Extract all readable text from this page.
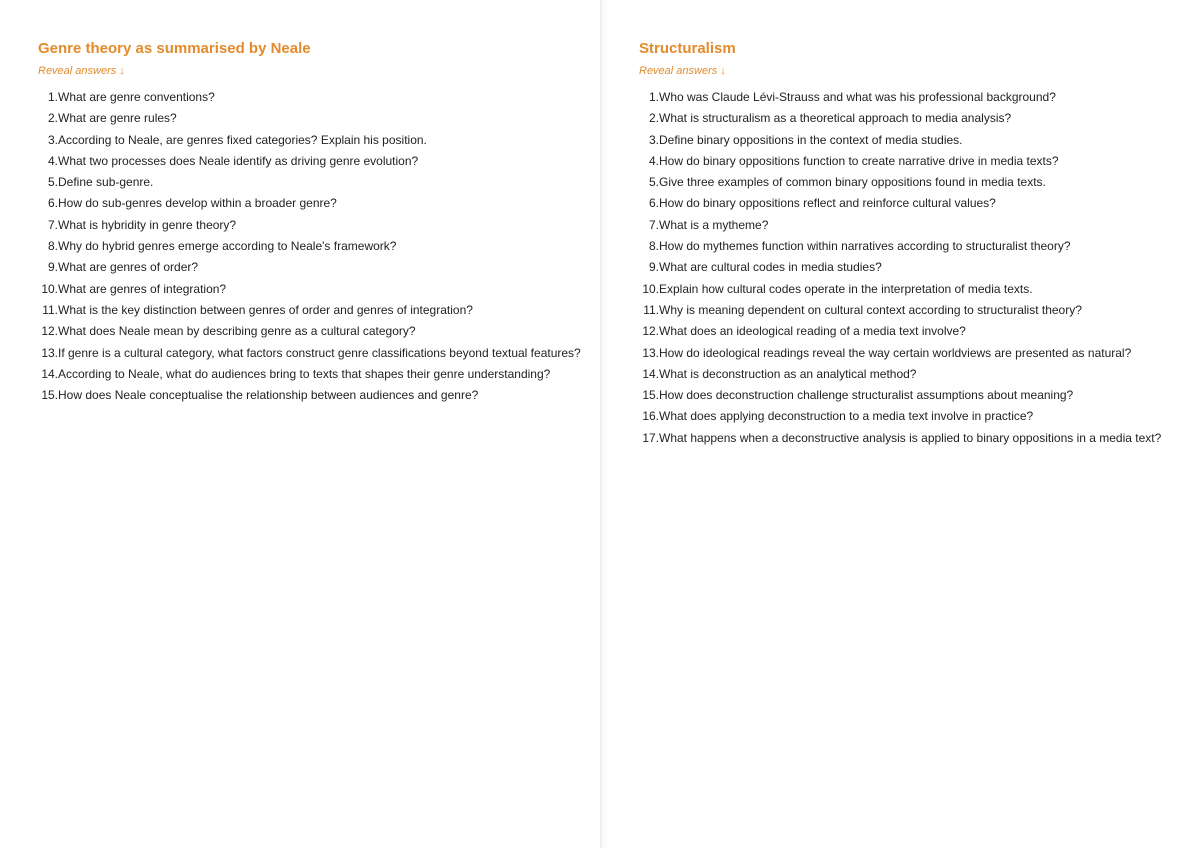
Genre theory as summarised by Neale
Reveal answers ↓
1. What are genre conventions?
2. What are genre rules?
3. According to Neale, are genres fixed categories? Explain his position.
4. What two processes does Neale identify as driving genre evolution?
5. Define sub-genre.
6. How do sub-genres develop within a broader genre?
7. What is hybridity in genre theory?
8. Why do hybrid genres emerge according to Neale's framework?
9. What are genres of order?
10. What are genres of integration?
11. What is the key distinction between genres of order and genres of integration?
12. What does Neale mean by describing genre as a cultural category?
13. If genre is a cultural category, what factors construct genre classifications beyond textual features?
14. According to Neale, what do audiences bring to texts that shapes their genre understanding?
15. How does Neale conceptualise the relationship between audiences and genre?
Structuralism
Reveal answers ↓
1. Who was Claude Lévi-Strauss and what was his professional background?
2. What is structuralism as a theoretical approach to media analysis?
3. Define binary oppositions in the context of media studies.
4. How do binary oppositions function to create narrative drive in media texts?
5. Give three examples of common binary oppositions found in media texts.
6. How do binary oppositions reflect and reinforce cultural values?
7. What is a mytheme?
8. How do mythemes function within narratives according to structuralist theory?
9. What are cultural codes in media studies?
10. Explain how cultural codes operate in the interpretation of media texts.
11. Why is meaning dependent on cultural context according to structuralist theory?
12. What does an ideological reading of a media text involve?
13. How do ideological readings reveal the way certain worldviews are presented as natural?
14. What is deconstruction as an analytical method?
15. How does deconstruction challenge structuralist assumptions about meaning?
16. What does applying deconstruction to a media text involve in practice?
17. What happens when a deconstructive analysis is applied to binary oppositions in a media text?
